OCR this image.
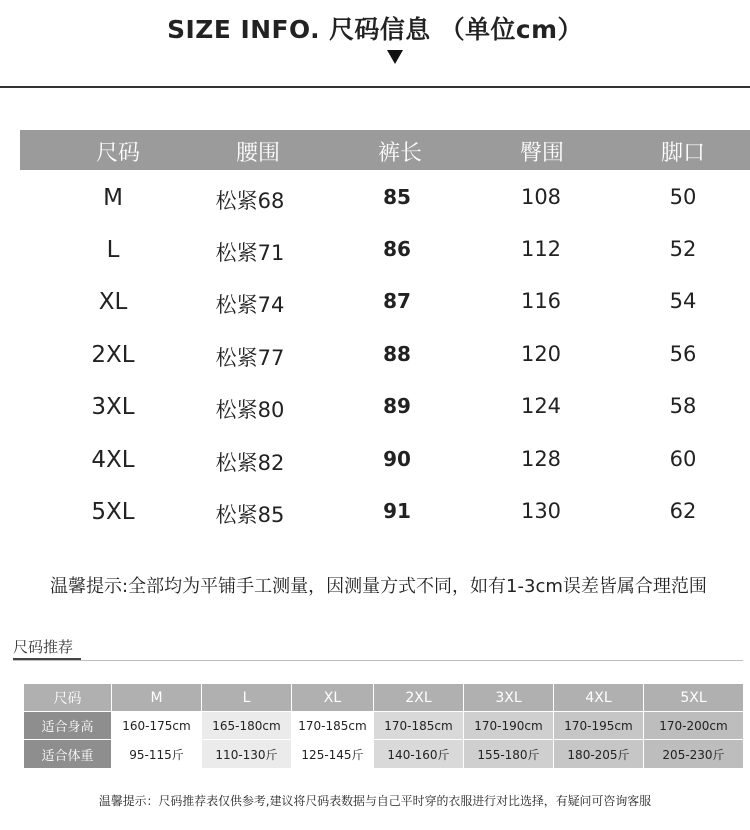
SIZE INFO. 尺码信息 （单位cm）
尺码	腰围	裤长	臀围	脚口
M	松紧68	85	108	50
L	松紧71	86	112	52
XL	松紧74	87	116	54
2XL	松紧77	88	120	56
3XL	松紧80	89	124	58
4XL	松紧82	90	128	60
5XL	松紧85	91	130	62
温馨提示:全部均为平铺手工测量，因测量方式不同，如有1-3cm误差皆属合理范围
尺码推荐
尺码	M	L	XL	2XL	3XL	4XL	5XL
适合身高	160-175cm	165-180cm	170-185cm	170-185cm	170-190cm	170-195cm	170-200cm
适合体重	95-115斤	110-130斤	125-145斤	140-160斤	155-180斤	180-205斤	205-230斤
温馨提示：尺码推荐表仅供参考,建议将尺码表数据与自己平时穿的衣服进行对比选择，有疑问可咨询客服
